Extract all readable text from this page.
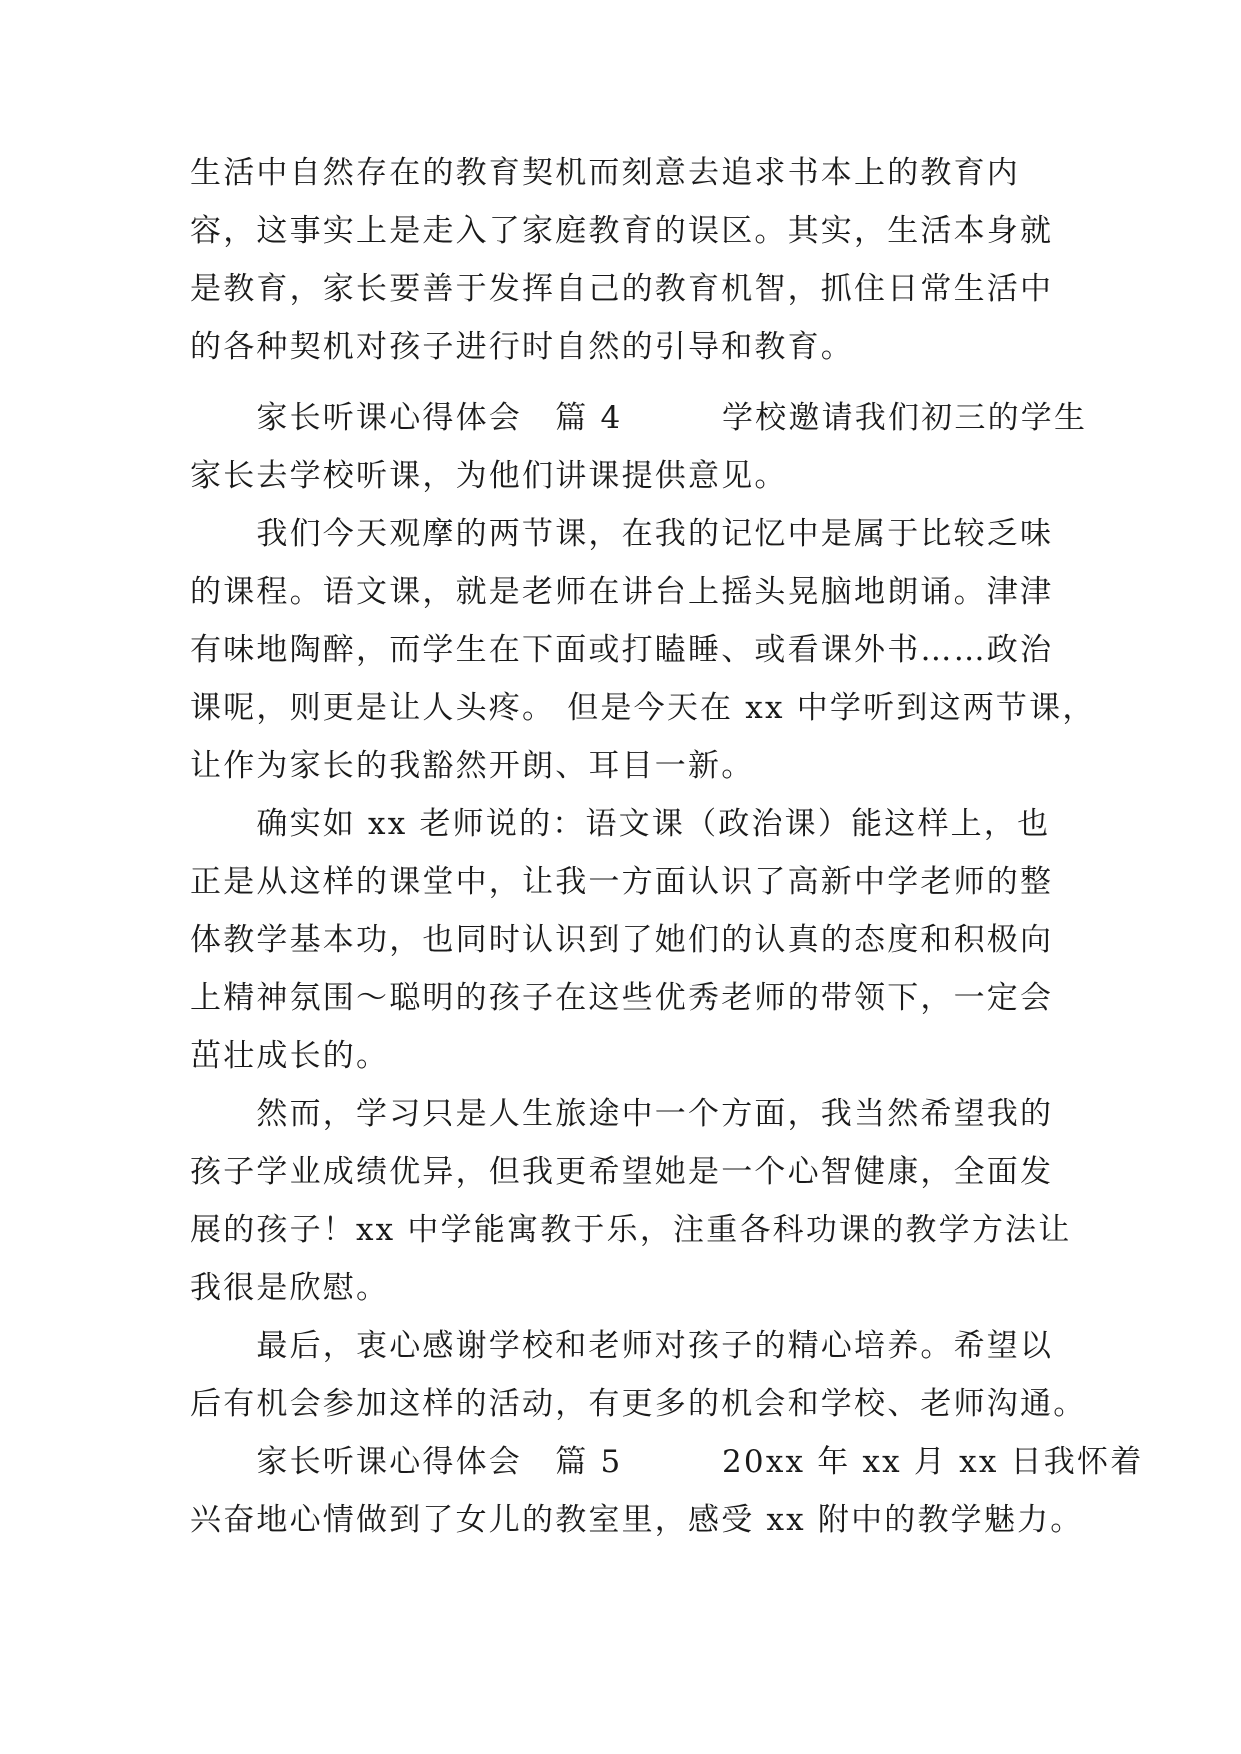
生活中自然存在的教育契机而刻意去追求书本上的教育内
容，这事实上是走入了家庭教育的误区。其实，生活本身就
是教育，家长要善于发挥自己的教育机智，抓住日常生活中
的各种契机对孩子进行时自然的引导和教育。
　　家长听课心得体会　篇 4　　　学校邀请我们初三的学生
家长去学校听课，为他们讲课提供意见。
　　我们今天观摩的两节课，在我的记忆中是属于比较乏味
的课程。语文课，就是老师在讲台上摇头晃脑地朗诵。津津
有味地陶醉，而学生在下面或打瞌睡、或看课外书……政治
课呢，则更是让人头疼。 但是今天在 xx 中学听到这两节课，
让作为家长的我豁然开朗、耳目一新。
　　确实如 xx 老师说的：语文课（政治课）能这样上，也
正是从这样的课堂中，让我一方面认识了高新中学老师的整
体教学基本功，也同时认识到了她们的认真的态度和积极向
上精神氛围～聪明的孩子在这些优秀老师的带领下，一定会
茁壮成长的。
　　然而，学习只是人生旅途中一个方面，我当然希望我的
孩子学业成绩优异，但我更希望她是一个心智健康，全面发
展的孩子！xx 中学能寓教于乐，注重各科功课的教学方法让
我很是欣慰。
　　最后，衷心感谢学校和老师对孩子的精心培养。希望以
后有机会参加这样的活动，有更多的机会和学校、老师沟通。
　　家长听课心得体会　篇 5　　　20xx 年 xx 月 xx 日我怀着
兴奋地心情做到了女儿的教室里，感受 xx 附中的教学魅力。
